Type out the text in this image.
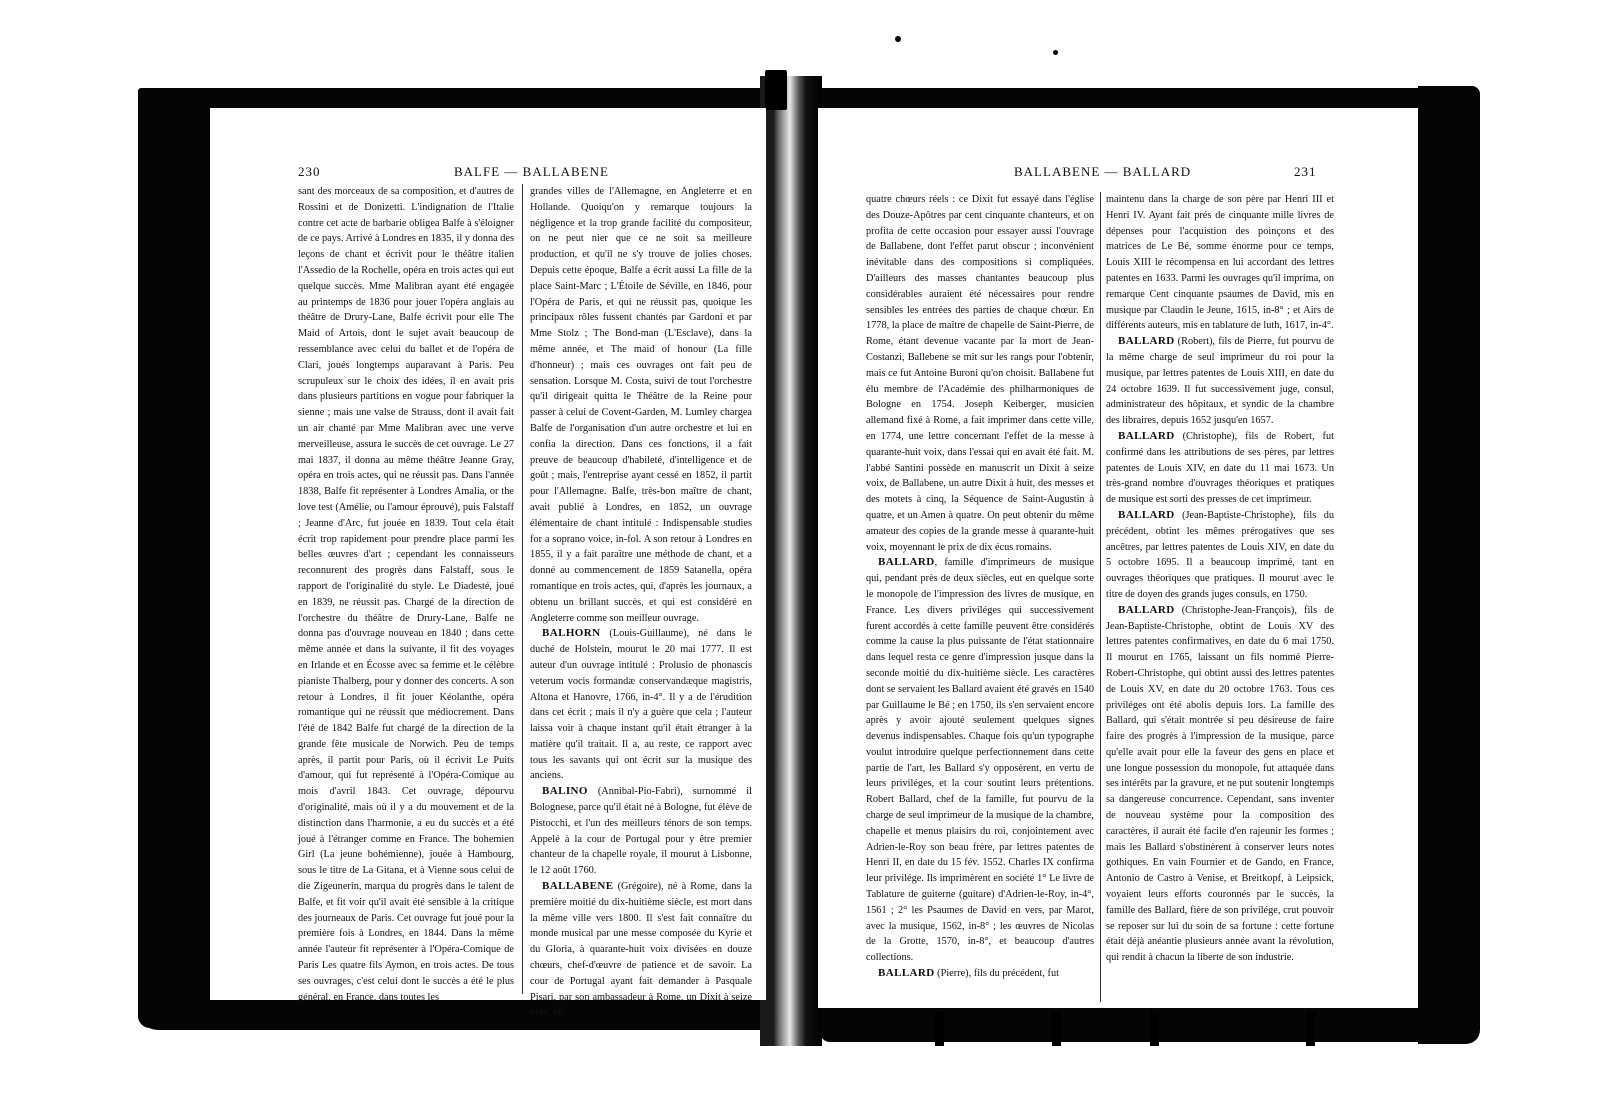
230	BALFE — BALLABENE

sant des morceaux de sa composition, et d'autres de Rossini et de Donizetti. L'indignation de l'Italie contre cet acte de barbarie obligea Balfe à s'éloigner de ce pays. Arrivé à Londres en 1835, il y donna des leçons de chant et écrivit pour le théâtre italien l'Assedio de la Rochelle, opéra en trois actes qui eut quelque succès. Mme Malibran ayant été engagée au printemps de 1836 pour jouer l'opéra anglais au théâtre de Drury-Lane, Balfe écrivit pour elle The Maid of Artois, dont le sujet avait beaucoup de ressemblance avec celui du ballet et de l'opéra de Clari, joués longtemps auparavant à Paris. Peu scrupuleux sur le choix des idées, il en avait pris dans plusieurs partitions en vogue pour fabriquer la sienne ; mais une valse de Strauss, dont il avait fait un air chanté par Mme Malibran avec une verve merveilleuse, assura le succès de cet ouvrage. Le 27 mai 1837, il donna au même théâtre Jeanne Gray, opéra en trois actes, qui ne réussit pas. Dans l'année 1838, Balfe fit représenter à Londres Amalia, or the love test (Amélie, ou l'amour éprouvé), puis Falstaff ; Jeanne d'Arc, fut jouée en 1839. Tout cela était écrit trop rapidement pour prendre place parmi les belles œuvres d'art ; cependant les connaisseurs reconnurent des progrès dans Falstaff, sous le rapport de l'originalité du style. Le Diadesté, joué en 1839, ne réussit pas. Chargé de la direction de l'orchestre du théâtre de Drury-Lane, Balfe ne donna pas d'ouvrage nouveau en 1840 ; dans cette même année et dans la suivante, il fit des voyages en Irlande et en Écosse avec sa femme et le célèbre pianiste Thalberg, pour y donner des concerts. A son retour à Londres, il fit jouer Kéolanthe, opéra romantique qui ne réussit que médiocrement. Dans l'été de 1842 Balfe fut chargé de la direction de la grande fête musicale de Norwich. Peu de temps après, il partit pour Paris, où il écrivit Le Puits d'amour, qui fut représenté à l'Opéra-Comique au mois d'avril 1843. Cet ouvrage, dépourvu d'originalité, mais où il y a du mouvement et de la distinction dans l'harmonie, a eu du succès et a été joué à l'étranger comme en France. The bohemien Girl (La jeune bohémienne), jouée à Hambourg, sous le titre de La Gitana, et à Vienne sous celui de die Zigeunerin, marqua du progrès dans le talent de Balfe, et fit voir qu'il avait été sensible à la critique des journeaux de Paris. Cet ouvrage fut joué pour la première fois à Londres, en 1844. Dans la même année l'auteur fit représenter à l'Opéra-Comique de Paris Les quatre fils Aymon, en trois actes. De tous ses ouvrages, c'est celui dont le succès a été le plus général, en France, dans toutes les

grandes villes de l'Allemagne, en Angleterre et en Hollande. Quoiqu'on y remarque toujours la négligence et la trop grande facilité du compositeur, on ne peut nier que ce ne soit sa meilleure production, et qu'il ne s'y trouve de jolies choses. Depuis cette époque, Balfe a écrit aussi La fille de la place Saint-Marc ; L'Étoile de Séville, en 1846, pour l'Opéra de Paris, et qui ne réussit pas, quoique les principaux rôles fussent chantés par Gardoni et par Mme Stolz ; The Bond-man (L'Esclave), dans la même année, et The maid of honour (La fille d'honneur) ; mais ces ouvrages ont fait peu de sensation. Lorsque M. Costa, suivi de tout l'orchestre qu'il dirigeait quitta le Théâtre de la Reine pour passer à celui de Covent-Garden, M. Lumley chargea Balfe de l'organisation d'un autre orchestre et lui en confia la direction. Dans ces fonctions, il a fait preuve de beaucoup d'habileté, d'intelligence et de goût ; mais, l'entreprise ayant cessé en 1852, il partit pour l'Allemagne. Balfe, très-bon maître de chant, avait publié à Londres, en 1852, un ouvrage élémentaire de chant intitulé : Indispensable studies for a soprano voice, in-fol. A son retour à Londres en 1855, il y a fait paraître une méthode de chant, et a donné au commencement de 1859 Satanella, opéra romantique en trois actes, qui, d'après les journaux, a obtenu un brillant succès, et qui est considéré en Angleterre comme son meilleur ouvrage.

BALHORN (Louis-Guillaume), né dans le duché de Holstein, mourut le 20 mai 1777. Il est auteur d'un ouvrage intitulé : Prolusio de phonascis veterum vocis formandæ conservandæque magistris, Altona et Hanovre, 1766, in-4°. Il y a de l'érudition dans cet écrit ; mais il n'y a guère que cela ; l'auteur laissa voir à chaque instant qu'il était étranger à la matière qu'il traitait. Il a, au reste, ce rapport avec tous les savants qui ont écrit sur la musique des anciens.

BALINO (Annibal-Pio-Fabri), surnommé il Bolognese, parce qu'il était né à Bologne, fut élève de Pistocchi, et l'un des meilleurs ténors de son temps. Appelé à la cour de Portugal pour y être premier chanteur de la chapelle royale, il mourut à Lisbonne, le 12 août 1760.

BALLABENE (Grégoire), né à Rome, dans la première moitié du dix-huitième siècle, est mort dans la même ville vers 1800. Il s'est fait connaître du monde musical par une messe composée du Kyrie et du Gloria, à quarante-huit voix divisées en douze chœurs, chef-d'œuvre de patience et de savoir. La cour de Portugal ayant fait demander à Pasquale Pisari, par son ambassadeur à Rome, un Dixit à seize voix, en

BALLABENE — BALLARD	231

quatre chœurs réels : ce Dixit fut essayé dans l'église des Douze-Apôtres par cent cinquante chanteurs, et on profita de cette occasion pour essayer aussi l'ouvrage de Ballabene, dont l'effet parut obscur ; inconvénient inévitable dans des compositions si compliquées. D'ailleurs des masses chantantes beaucoup plus considérables auraient été nécessaires pour rendre sensibles les entrées des parties de chaque chœur. En 1778, la place de maître de chapelle de Saint-Pierre, de Rome, étant devenue vacante par la mort de Jean-Costanzi, Ballebene se mit sur les rangs pour l'obtenir, mais ce fut Antoine Buroni qu'on choisit. Ballabene fut élu membre de l'Académie des philharmoniques de Bologne en 1754. Joseph Keiberger, musicien allemand fixé à Rome, a fait imprimer dans cette ville, en 1774, une lettre concernant l'effet de la messe à quarante-huit voix, dans l'essai qui en avait été fait. M. l'abbé Santini possède en manuscrit un Dixit à seize voix, de Ballabene, un autre Dixit à huit, des messes et des motets à cinq, la Séquence de Saint-Augustin à quatre, et un Amen à quatre. On peut obtenir du même amateur des copies de la grande messe à quarante-huit voix, moyennant le prix de dix écus romains.

BALLARD, famille d'imprimeurs de musique qui, pendant près de deux siècles, eut en quelque sorte le monopole de l'impression des livres de musique, en France. Les divers priviléges qui successivement furent accordés à cette famille peuvent être considérés comme la cause la plus puissante de l'état stationnaire dans lequel resta ce genre d'impression jusque dans la seconde moitié du dix-huitième siècle. Les caractères dont se servaient les Ballard avaient été gravés en 1540 par Guillaume le Bé ; en 1750, ils s'en servaient encore après y avoir ajouté seulement quelques signes devenus indispensables. Chaque fois qu'un typographe voulut introduire quelque perfectionnement dans cette partie de l'art, les Ballard s'y opposèrent, en vertu de leurs priviléges, et la cour soutint leurs prétentions. Robert Ballard, chef de la famille, fut pourvu de la charge de seul imprimeur de la musique de la chambre, chapelle et menus plaisirs du roi, conjointement avec Adrien-le-Roy son beau frère, par lettres patentes de Henri II, en date du 15 fév. 1552. Charles IX confirma leur privilége. Ils imprimèrent en société 1° Le livre de Tablature de guiterne (guitare) d'Adrien-le-Roy, in-4°, 1561 ; 2° les Psaumes de David en vers, par Marot, avec la musique, 1562, in-8° ; les œuvres de Nicolas de la Grotte, 1570, in-8°, et beaucoup d'autres collections.

BALLARD (Pierre), fils du précédent, fut

maintenu dans la charge de son père par Henri III et Henri IV. Ayant fait prés de cinquante mille livres de dépenses pour l'acquistion des poinçons et des matrices de Le Bé, somme énorme pour ce temps, Louis XIII le récompensa en lui accordant des lettres patentes en 1633. Parmi les ouvrages qu'il imprima, on remarque Cent cinquante psaumes de David, mis en musique par Claudin le Jeune, 1615, in-8° ; et Airs de différents auteurs, mis en tablature de luth, 1617, in-4°.

BALLARD (Robert), fils de Pierre, fut pourvu de la même charge de seul imprimeur du roi pour la musique, par lettres patentes de Louis XIII, en date du 24 octobre 1639. Il fut successivement juge, consul, administrateur des hôpitaux, et syndic de la chambre des libraires, depuis 1652 jusqu'en 1657.

BALLARD (Christophe), fils de Robert, fut confirmé dans les attributions de ses pères, par lettres patentes de Louis XIV, en date du 11 mai 1673. Un très-grand nombre d'ouvrages théoriques et pratiques de musique est sorti des presses de cet imprimeur.

BALLARD (Jean-Baptiste-Christophe), fils du précédent, obtint les mêmes prérogatives que ses ancêtres, par lettres patentes de Louis XIV, en date du 5 octobre 1695. Il a beaucoup imprimé, tant en ouvrages théoriques que pratiques. Il mourut avec le titre de doyen des grands juges consuls, en 1750.

BALLARD (Christophe-Jean-François), fils de Jean-Baptiste-Christophe, obtint de Louis XV des lettres patentes confirmatives, en date du 6 mai 1750. Il mourut en 1765, laissant un fils nommé Pierre-Robert-Christophe, qui obtint aussi des lettres patentes de Louis XV, en date du 20 octobre 1763. Tous ces priviléges ont été abolis depuis lors. La famille des Ballard, qui s'était montrée si peu désireuse de faire faire des progrès à l'impression de la musique, parce qu'elle avait pour elle la faveur des gens en place et une longue possession du monopole, fut attaquée dans ses intérêts par la gravure, et ne put soutenir longtemps sa dangereuse concurrence. Cependant, sans inventer de nouveau système pour la composition des caractères, il aurait été facile d'en rajeunir les formes ; mais les Ballard s'obstinèrent à conserver leurs notes gothiques. En vain Fournier et de Gando, en France, Antonio de Castro à Venise, et Breitkopf, à Leipsick, voyaient leurs efforts couronnés par le succès, la famille des Ballard, fière de son privilége, crut pouvoir se reposer sur lui du soin de sa fortune : cette fortune était déjà anéantie plusieurs année avant la révolution, qui rendit à chacun la liberte de son industrie.
